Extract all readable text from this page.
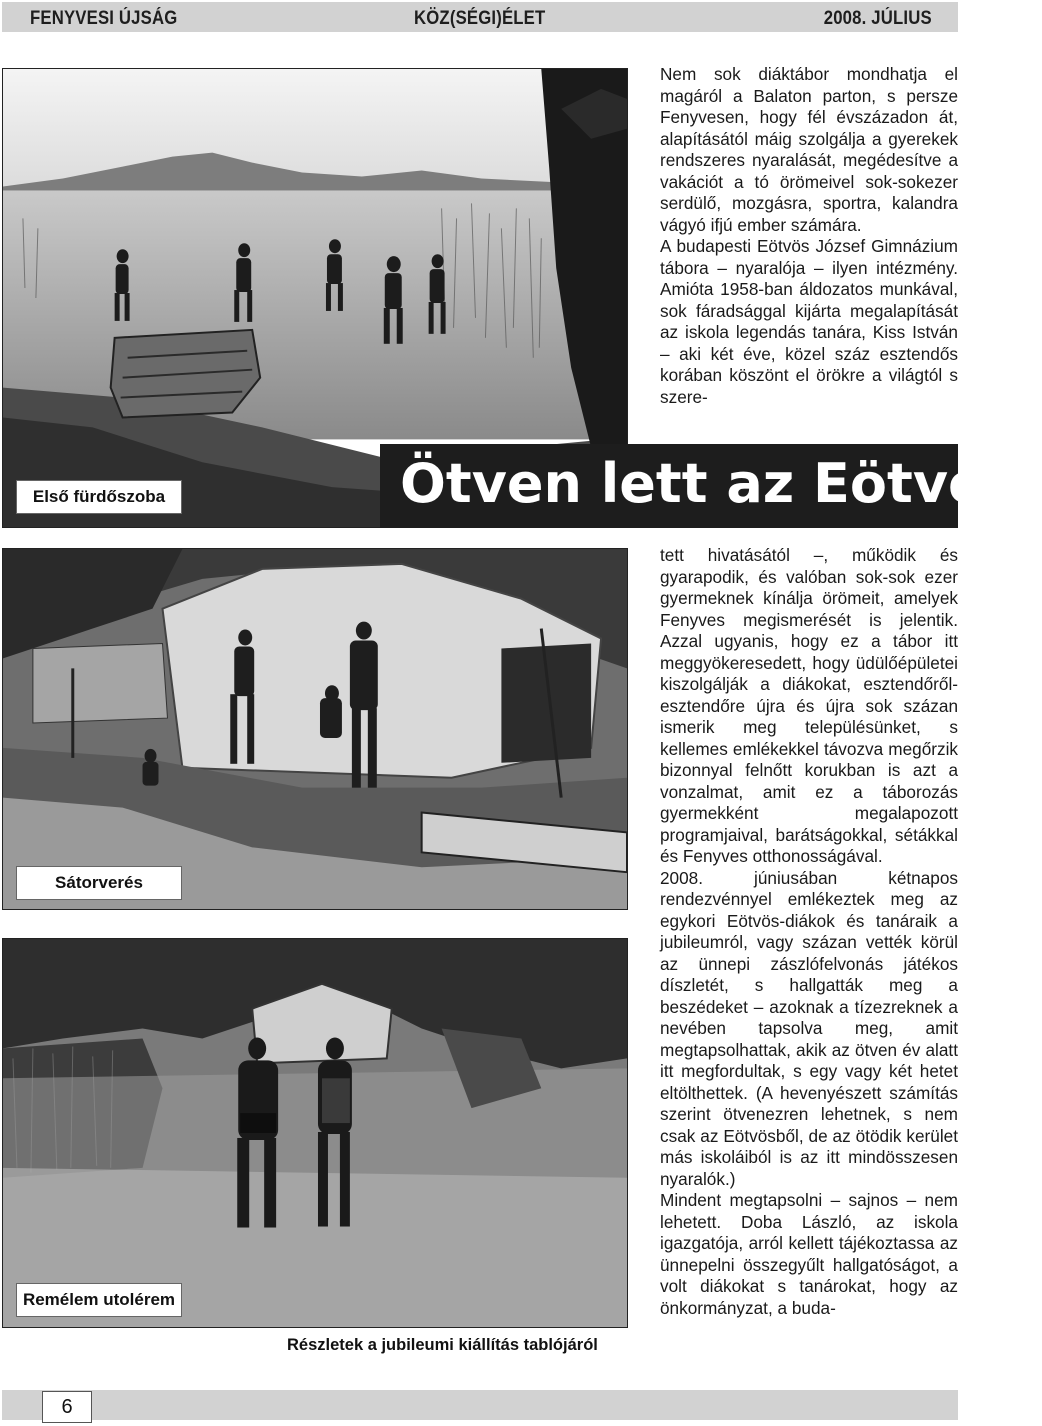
FENYVESI ÚJSÁG	KÖZ(SÉGI)ÉLET	2008. JÚLIUS
Első fürdőszoba	Ötven lett az Eötvös!

Nem sok diáktábor mondhatja el magáról a Balaton parton, s persze Fenyvesen, hogy fél évszázadon át, alapításától máig szolgálja a gyerekek rendszeres nyaralását, megédesítve a vakációt a tó örömeivel sok-sokezer serdülő, mozgásra, sportra, kalandra vágyó ifjú ember számára.

A budapesti Eötvös József Gimnázium tábora – nyaralója – ilyen intézmény. Amióta 1958-ban áldozatos munkával, sok fáradsággal kijárta megalapítását az iskola legendás tanára, Kiss István – aki két éve, közel száz esztendős korában köszönt el örökre a világtól s szere-

Sátorverés
Remélem utolérem

tett hivatásától –, működik és gyarapodik, és valóban sok-sok ezer gyermeknek kínálja örömeit, amelyek Fenyves megismerését is jelentik. Azzal ugyanis, hogy ez a tábor itt meggyökeresedett, hogy üdülőépületei kiszolgálják a diákokat, esztendőről-esztendőre újra és újra sok százan ismerik meg településünket, s kellemes emlékekkel távozva megőrzik bizonnyal felnőtt korukban is azt a vonzalmat, amit ez a táborozás gyermekként megalapozott programjaival, barátságokkal, sétákkal és Fenyves otthonosságával.

2008. júniusában kétnapos rendezvénnyel emlékeztek meg az egykori Eötvös-diákok és tanáraik a jubileumról, vagy százan vették körül az ünnepi zászlófelvonás játékos díszletét, s hallgatták meg a beszédeket – azoknak a tízezreknek a nevében tapsolva meg, amit megtapsolhattak, akik az ötven év alatt itt megfordultak, s egy vagy két hetet eltölthettek. (A hevenyészett számítás szerint ötvenezren lehetnek, s nem csak az Eötvösből, de az ötödik kerület más iskoláiból is az itt mindösszesen nyaralók.)

Mindent megtapsolni – sajnos – nem lehetett. Doba László, az iskola igazgatója, arról kellett tájékoztassa az ünnepelni összegyűlt hallgatóságot, a volt diákokat s tanárokat, hogy az önkormányzat, a buda-

Részletek a jubileumi kiállítás tablójáról
6
